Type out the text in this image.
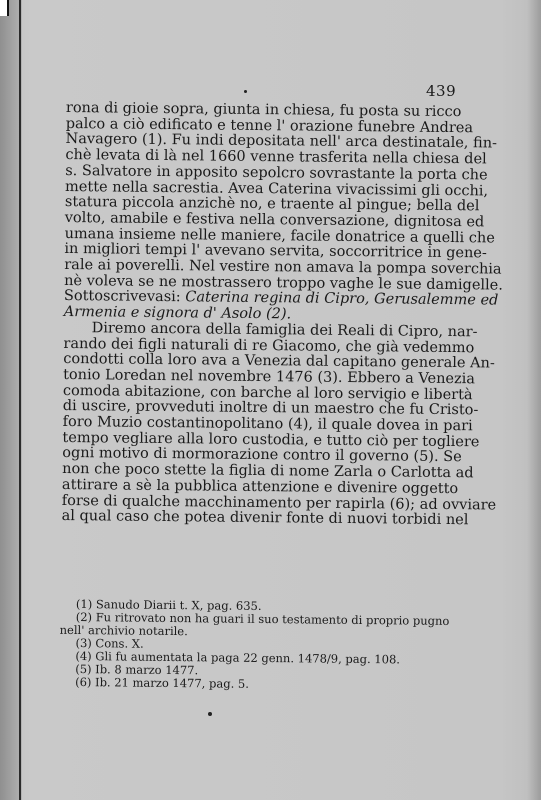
439
rona di gioie sopra, giunta in chiesa, fu posta su ricco
palco a ciò edificato e tenne l' orazione funebre Andrea
Navagero (1). Fu indi depositata nell' arca destinatale, fin-
chè levata di là nel 1660 venne trasferita nella chiesa del
s. Salvatore in apposito sepolcro sovrastante la porta che
mette nella sacrestia. Avea Caterina vivacissimi gli occhi,
statura piccola anzichè no, e traente al pingue; bella del
volto, amabile e festiva nella conversazione, dignitosa ed
umana insieme nelle maniere, facile donatrice a quelli che
in migliori tempi l' avevano servita, soccorritrice in gene-
rale ai poverelli. Nel vestire non amava la pompa soverchia
nè voleva se ne mostrassero troppo vaghe le sue damigelle.
Sottoscrivevasi: Caterina regina di Cipro, Gerusalemme ed
Armenia e signora d' Asolo (2).
Diremo ancora della famiglia dei Reali di Cipro, nar-
rando dei figli naturali di re Giacomo, che già vedemmo
condotti colla loro ava a Venezia dal capitano generale An-
tonio Loredan nel novembre 1476 (3). Ebbero a Venezia
comoda abitazione, con barche al loro servigio e libertà
di uscire, provveduti inoltre di un maestro che fu Cristo-
foro Muzio costantinopolitano (4), il quale dovea in pari
tempo vegliare alla loro custodia, e tutto ciò per togliere
ogni motivo di mormorazione contro il governo (5). Se
non che poco stette la figlia di nome Zarla o Carlotta ad
attirare a sè la pubblica attenzione e divenire oggetto
forse di qualche macchinamento per rapirla (6); ad ovviare
al qual caso che potea divenir fonte di nuovi torbidi nel
(1) Sanudo Diarii t. X, pag. 635.
(2) Fu ritrovato non ha guari il suo testamento di proprio pugno
nell' archivio notarile.
(3) Cons. X.
(4) Gli fu aumentata la paga 22 genn. 1478/9, pag. 108.
(5) Ib. 8 marzo 1477.
(6) Ib. 21 marzo 1477, pag. 5.
